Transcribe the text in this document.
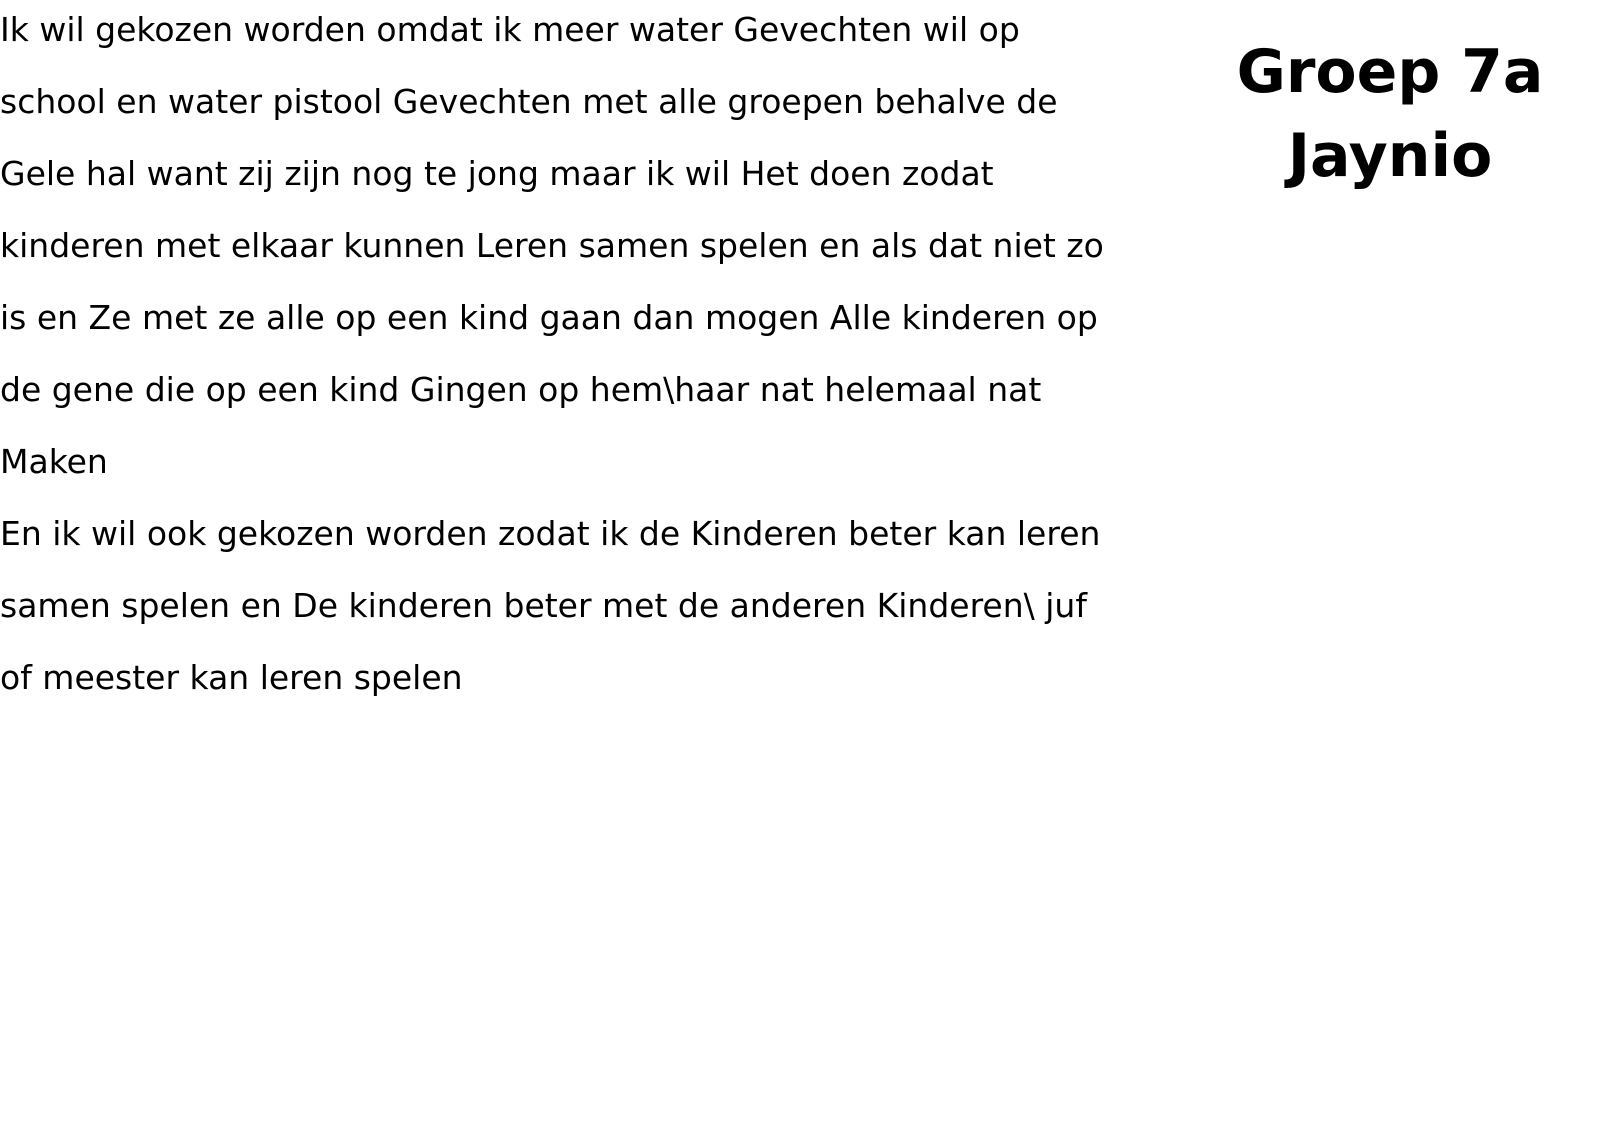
Ik wil gekozen worden omdat ik meer water Gevechten wil op
school en water pistool Gevechten met alle groepen behalve de
Gele hal want zij zijn nog te jong maar ik wil Het doen zodat
kinderen met elkaar kunnen Leren samen spelen en als dat niet zo
is en Ze met ze alle op een kind gaan dan mogen Alle kinderen op
de gene die op een kind Gingen op hem\haar nat helemaal nat
Maken
En ik wil ook gekozen worden zodat ik de Kinderen beter kan leren
samen spelen en De kinderen beter met de anderen Kinderen\ juf
of meester kan leren spelen
Groep 7a
Jaynio
